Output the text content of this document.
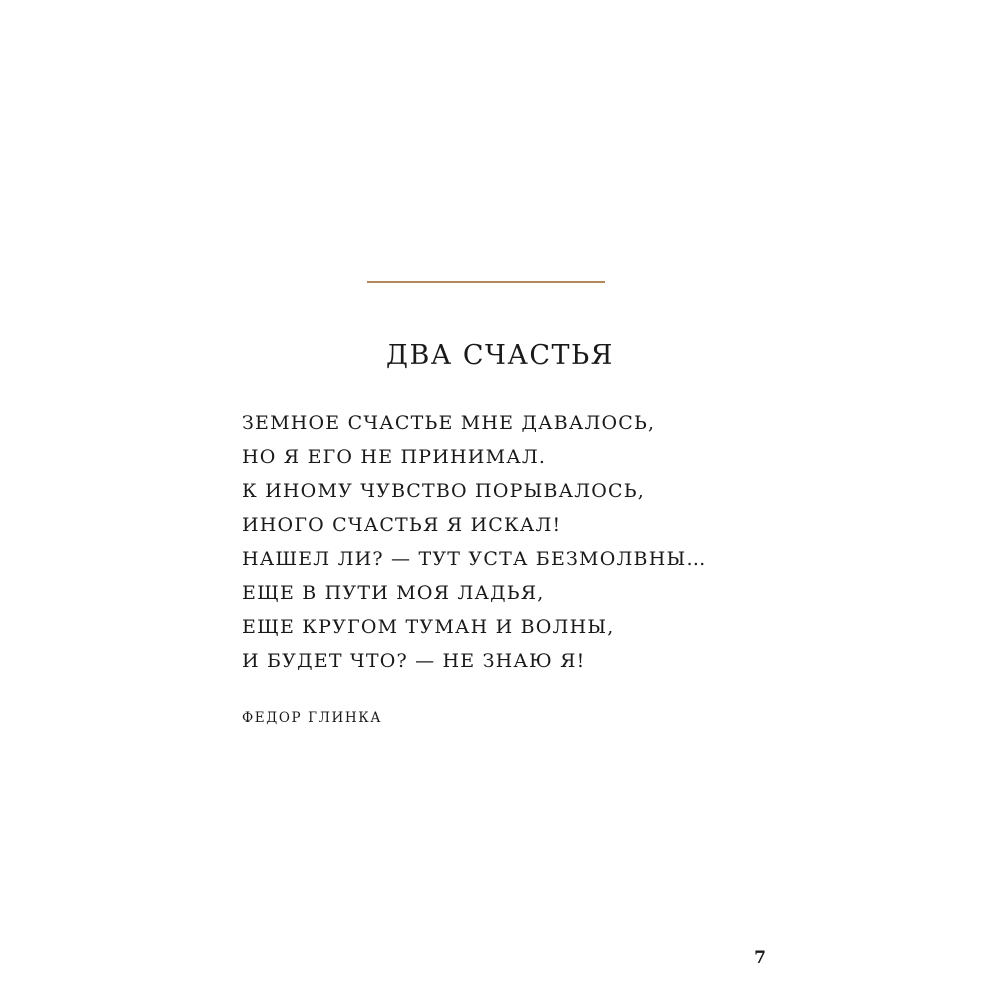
ДВА СЧАСТЬЯ
ЗЕМНОЕ СЧАСТЬЕ МНЕ ДАВАЛОСЬ,
НО Я ЕГО НЕ ПРИНИМАЛ.
К ИНОМУ ЧУВСТВО ПОРЫВАЛОСЬ,
ИНОГО СЧАСТЬЯ Я ИСКАЛ!
НАШЕЛ ЛИ? — ТУТ УСТА БЕЗМОЛВНЫ…
ЕЩЕ В ПУТИ МОЯ ЛАДЬЯ,
ЕЩЕ КРУГОМ ТУМАН И ВОЛНЫ,
И БУДЕТ ЧТО? — НЕ ЗНАЮ Я!
ФЕДОР ГЛИНКА
7
